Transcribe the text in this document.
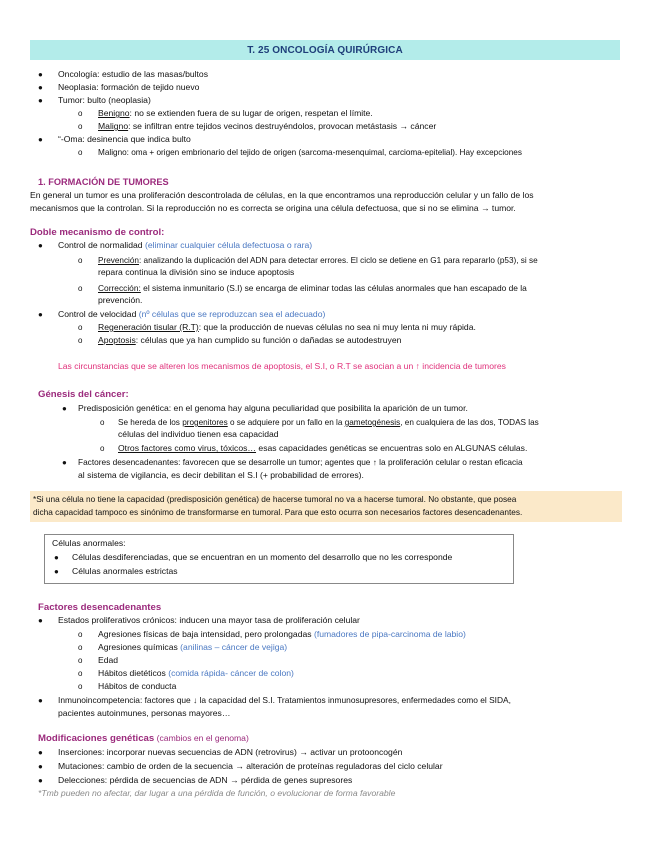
T. 25 ONCOLOGÍA QUIRÚRGICA
● Oncología: estudio de las masas/bultos
● Neoplasia: formación de tejido nuevo
● Tumor: bulto (neoplasia)
o Benigno: no se extienden fuera de su lugar de origen, respetan el límite.
o Maligno: se infiltran entre tejidos vecinos destruyéndolos, provocan metástasis → cáncer
● “-Oma: desinencia que indica bulto
o Maligno: oma + origen embrionario del tejido de origen (sarcoma-mesenquimal, carcioma-epitelial). Hay excepciones
1. FORMACIÓN DE TUMORES
En general un tumor es una proliferación descontrolada de células, en la que encontramos una reproducción celular y un fallo de los
mecanismos que la controlan. Si la reproducción no es correcta se origina una célula defectuosa, que si no se elimina → tumor.
Doble mecanismo de control:
● Control de normalidad (eliminar cualquier célula defectuosa o rara)
o Prevención: analizando la duplicación del ADN para detectar errores. El ciclo se detiene en G1 para repararlo (p53), si se
repara continua la división sino se induce apoptosis
o Corrección: el sistema inmunitario (S.I) se encarga de eliminar todas las células anormales que han escapado de la
prevención.
● Control de velocidad (nº células que se reproduzcan sea el adecuado)
o Regeneración tisular (R.T): que la producción de nuevas células no sea ni muy lenta ni muy rápida.
o Apoptosis: células que ya han cumplido su función o dañadas se autodestruyen
Las circunstancias que se alteren los mecanismos de apoptosis, el S.I, o R.T se asocian a un ↑ incidencia de tumores
Génesis del cáncer:
● Predisposición genética: en el genoma hay alguna peculiaridad que posibilita la aparición de un tumor.
o Se hereda de los progenitores o se adquiere por un fallo en la gametogénesis, en cualquiera de las dos, TODAS las
células del individuo tienen esa capacidad
o Otros factores como virus, tóxicos… esas capacidades genéticas se encuentras solo en ALGUNAS células.
● Factores desencadenantes: favorecen que se desarrolle un tumor; agentes que ↑ la proliferación celular o restan eficacia
al sistema de vigilancia, es decir debilitan el S.I (+ probabilidad de errores).
*Si una célula no tiene la capacidad (predisposición genética) de hacerse tumoral no va a hacerse tumoral. No obstante, que posea
dicha capacidad tampoco es sinónimo de transformarse en tumoral. Para que esto ocurra son necesarios factores desencadenantes.
Células anormales:
● Células desdiferenciadas, que se encuentran en un momento del desarrollo que no les corresponde
● Células anormales estrictas
Factores desencadenantes
● Estados proliferativos crónicos: inducen una mayor tasa de proliferación celular
o Agresiones físicas de baja intensidad, pero prolongadas (fumadores de pipa-carcinoma de labio)
o Agresiones químicas (anilinas – cáncer de vejiga)
o Edad
o Hábitos dietéticos (comida rápida- cáncer de colon)
o Hábitos de conducta
● Inmunoincompetencia: factores que ↓ la capacidad del S.I. Tratamientos inmunosupresores, enfermedades como el SIDA,
pacientes autoinmunes, personas mayores…
Modificaciones genéticas (cambios en el genoma)
● Inserciones: incorporar nuevas secuencias de ADN (retrovirus) → activar un protooncogén
● Mutaciones: cambio de orden de la secuencia → alteración de proteínas reguladoras del ciclo celular
● Delecciones: pérdida de secuencias de ADN → pérdida de genes supresores
*Tmb pueden no afectar, dar lugar a una pérdida de función, o evolucionar de forma favorable
